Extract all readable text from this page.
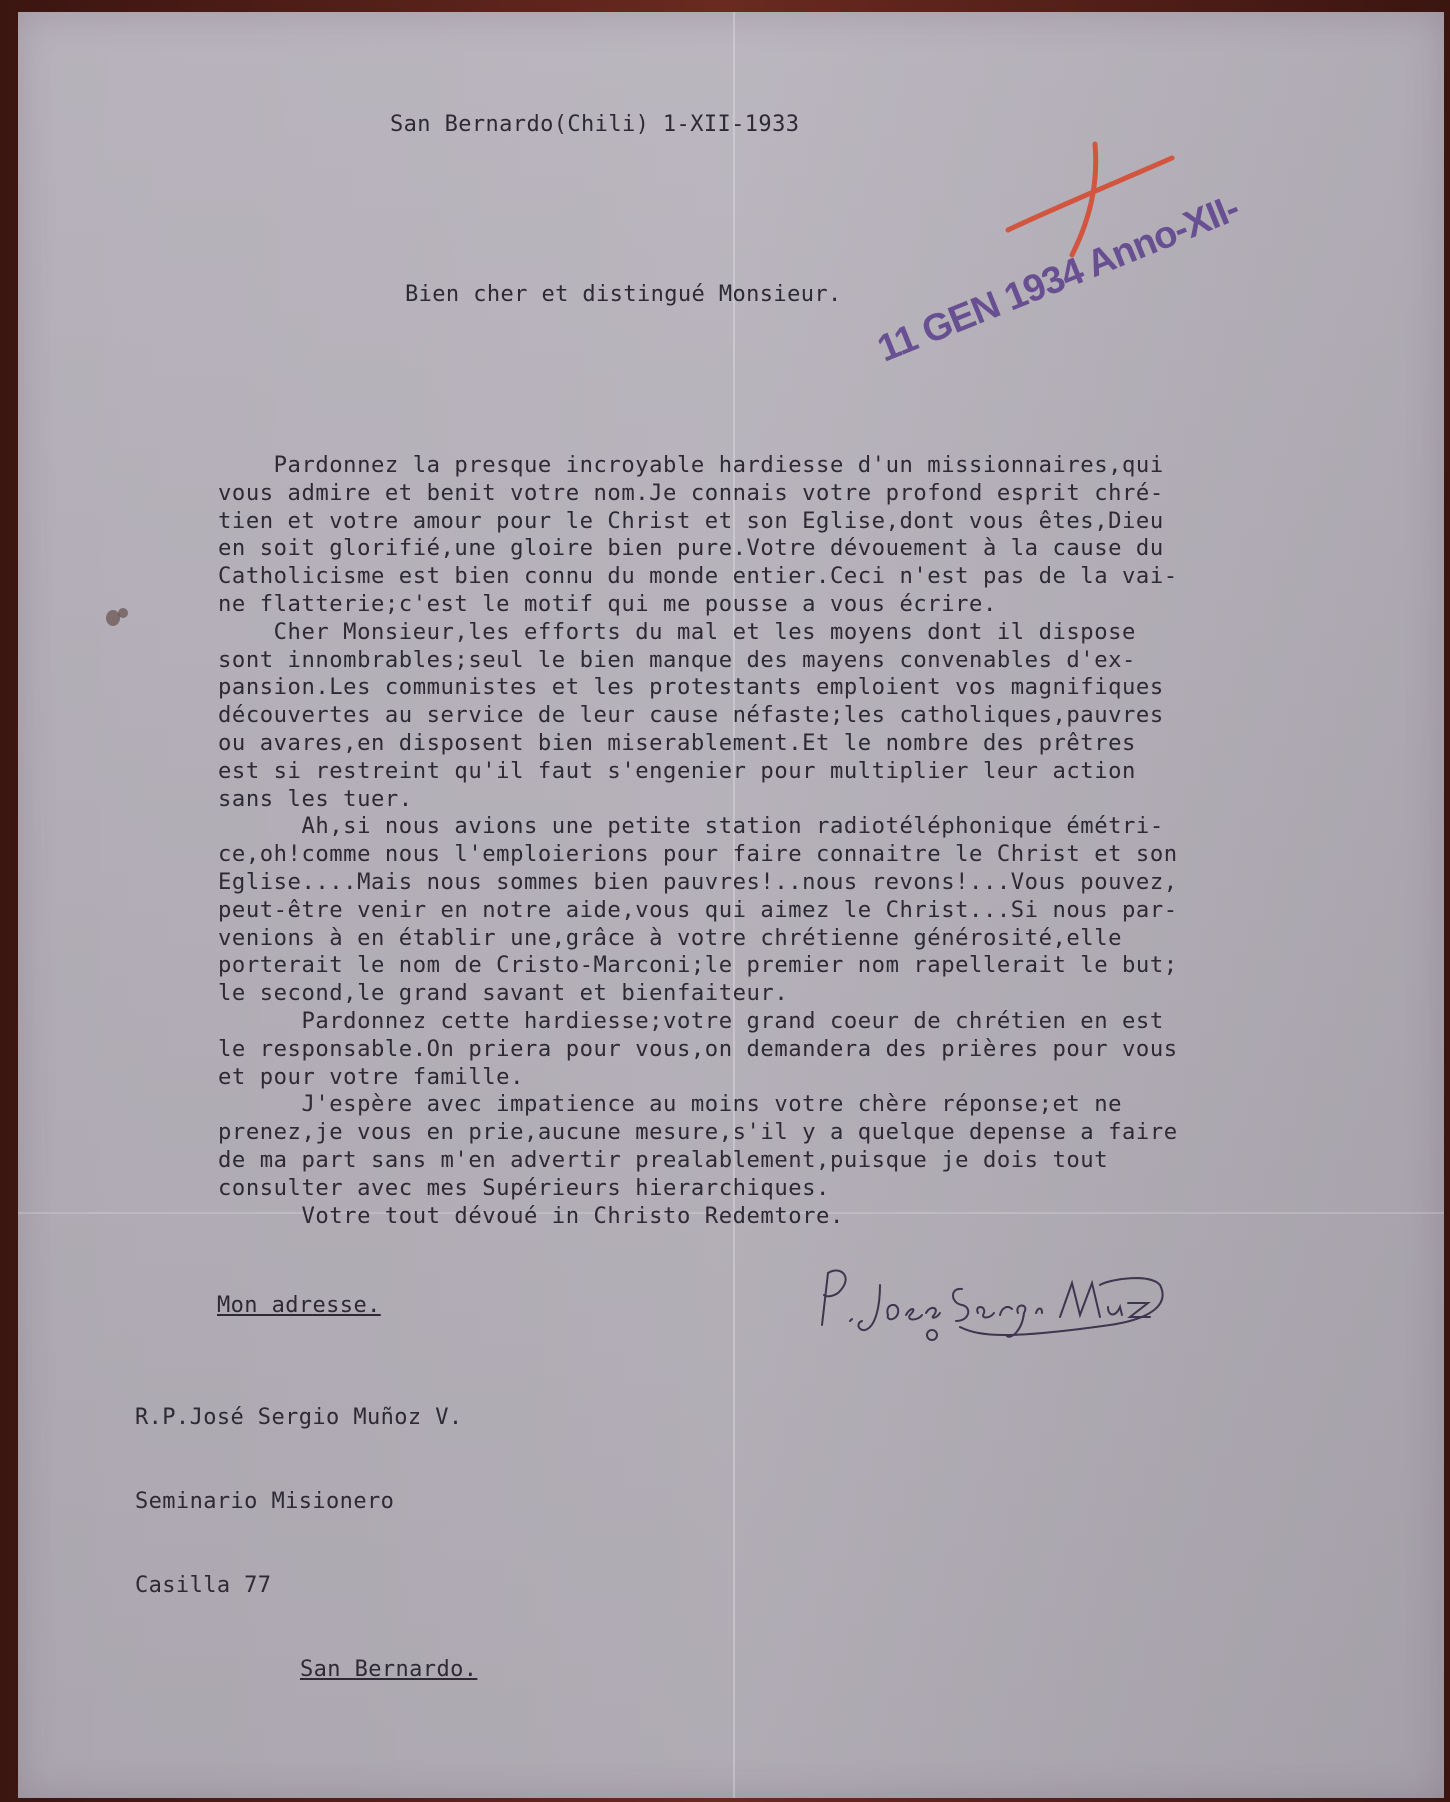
San Bernardo(Chili) 1-XII-1933
Bien cher et distingué Monsieur. 11 GEN 1934 Anno-XII-
Pardonnez la presque incroyable hardiesse d'un missionnaires,qui
vous admire et benit votre nom.Je connais votre profond esprit chré-
tien et votre amour pour le Christ et son Eglise,dont vous êtes,Dieu
en soit glorifié,une gloire bien pure.Votre dévouement à la cause du
Catholicisme est bien connu du monde entier.Ceci n'est pas de la vai-
ne flatterie;c'est le motif qui me pousse a vous écrire.
Cher Monsieur,les efforts du mal et les moyens dont il dispose
sont innombrables;seul le bien manque des mayens convenables d'ex-
pansion.Les communistes et les protestants emploient vos magnifiques
découvertes au service de leur cause néfaste;les catholiques,pauvres
ou avares,en disposent bien miserablement.Et le nombre des prêtres
est si restreint qu'il faut s'engenier pour multiplier leur action
sans les tuer.
Ah,si nous avions une petite station radiotéléphonique émétri-
ce,oh!comme nous l'emploierions pour faire connaitre le Christ et son
Eglise....Mais nous sommes bien pauvres!..nous revons!...Vous pouvez,
peut-être venir en notre aide,vous qui aimez le Christ...Si nous par-
venions à en établir une,grâce à votre chrétienne générosité,elle
porterait le nom de Cristo-Marconi;le premier nom rapellerait le but;
le second,le grand savant et bienfaiteur.
Pardonnez cette hardiesse;votre grand coeur de chrétien en est
le responsable.On priera pour vous,on demandera des prières pour vous
et pour votre famille.
J'espère avec impatience au moins votre chère réponse;et ne
prenez,je vous en prie,aucune mesure,s'il y a quelque depense a faire
de ma part sans m'en advertir prealablement,puisque je dois tout
consulter avec mes Supérieurs hierarchiques.
Votre tout dévoué in Christo Redemtore.
Mon adresse.

R.P.José Sergio Muñoz V.

Seminario Misionero

Casilla 77

San Bernardo.
